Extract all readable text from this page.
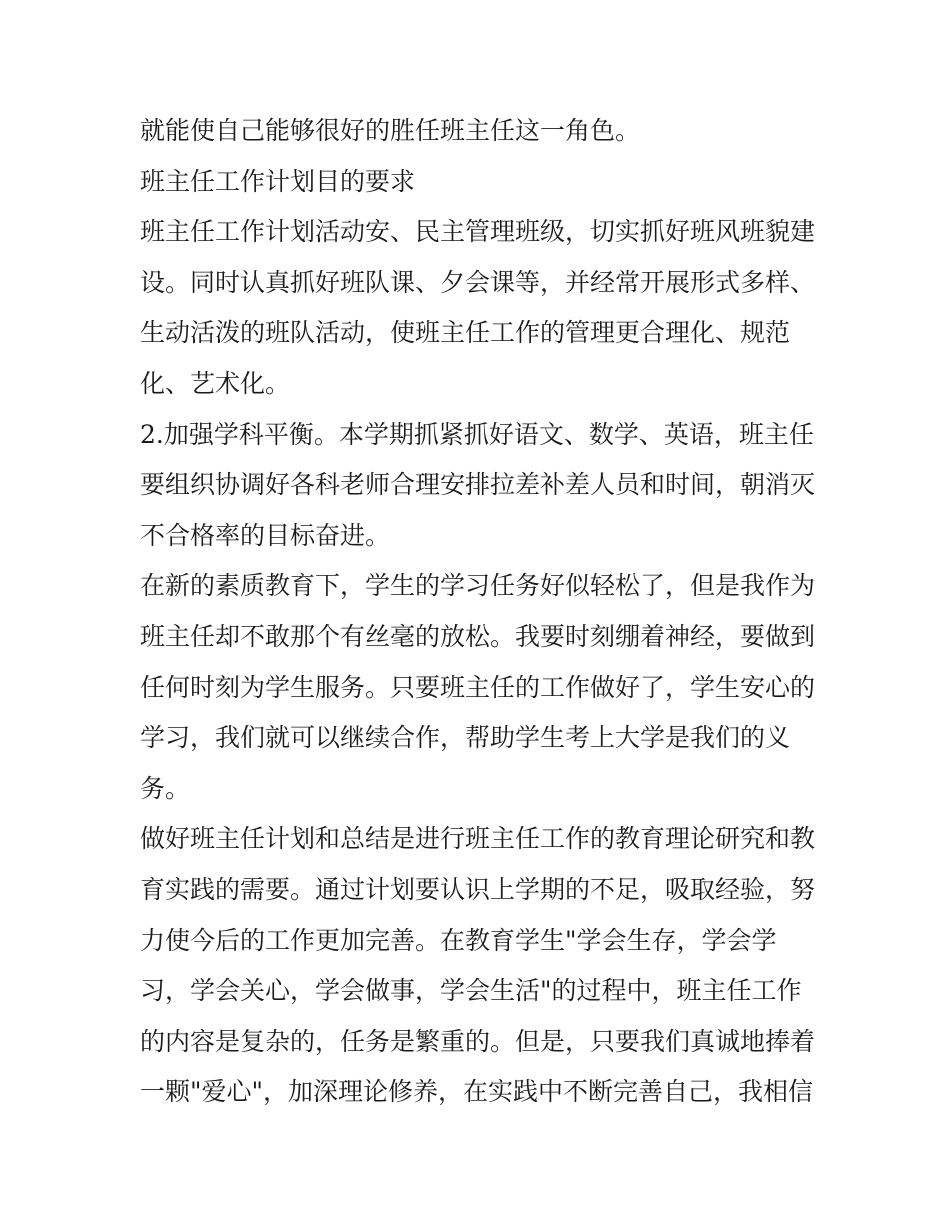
就能使自己能够很好的胜任班主任这一角色。
班主任工作计划目的要求
班主任工作计划活动安、民主管理班级，切实抓好班风班貌建
设。同时认真抓好班队课、夕会课等，并经常开展形式多样、
生动活泼的班队活动，使班主任工作的管理更合理化、规范
化、艺术化。
2.加强学科平衡。本学期抓紧抓好语文、数学、英语，班主任
要组织协调好各科老师合理安排拉差补差人员和时间，朝消灭
不合格率的目标奋进。
在新的素质教育下，学生的学习任务好似轻松了，但是我作为
班主任却不敢那个有丝毫的放松。我要时刻绷着神经，要做到
任何时刻为学生服务。只要班主任的工作做好了，学生安心的
学习，我们就可以继续合作，帮助学生考上大学是我们的义
务。
做好班主任计划和总结是进行班主任工作的教育理论研究和教
育实践的需要。通过计划要认识上学期的不足，吸取经验，努
力使今后的工作更加完善。在教育学生"学会生存，学会学
习，学会关心，学会做事，学会生活"的过程中，班主任工作
的内容是复杂的，任务是繁重的。但是，只要我们真诚地捧着
一颗"爱心"，加深理论修养，在实践中不断完善自己，我相信
